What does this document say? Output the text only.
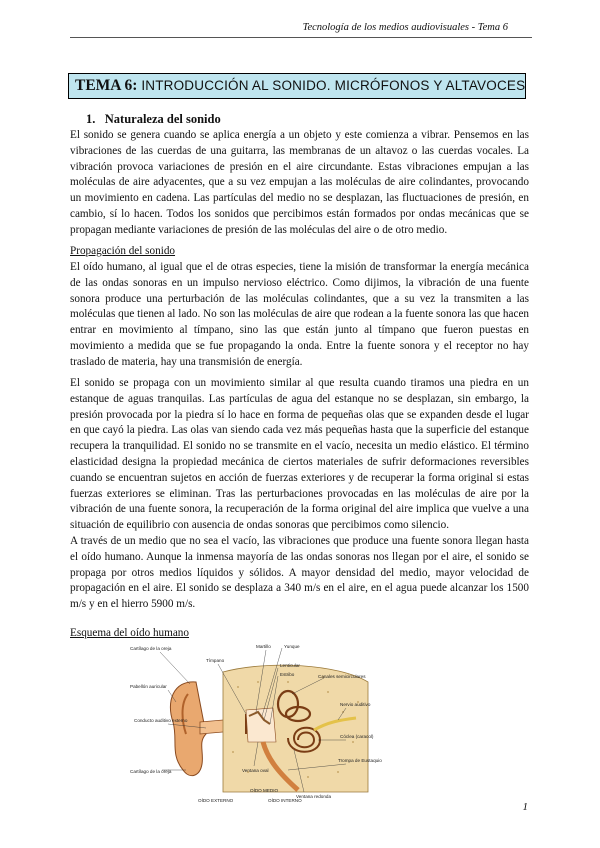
Tecnología de los medios audiovisuales - Tema 6
TEMA 6: INTRODUCCIÓN AL SONIDO. MICRÓFONOS Y ALTAVOCES
1.   Naturaleza del sonido

El sonido se genera cuando se aplica energía a un objeto y este comienza a vibrar. Pensemos en las vibraciones de las cuerdas de una guitarra, las membranas de un altavoz o las cuerdas vocales. La vibración provoca variaciones de presión en el aire circundante. Estas vibraciones empujan a las moléculas de aire adyacentes, que a su vez empujan a las moléculas de aire colindantes, provocando un movimiento en cadena. Las partículas del medio no se desplazan, las fluctuaciones de presión, en cambio, sí lo hacen. Todos los sonidos que percibimos están formados por ondas mecánicas que se propagan mediante variaciones de presión de las moléculas del aire o de otro medio.

Propagación del sonido

El oído humano, al igual que el de otras especies, tiene la misión de transformar la energía mecánica de las ondas sonoras en un impulso nervioso eléctrico. Como dijimos, la vibración de una fuente sonora produce una perturbación de las moléculas colindantes, que a su vez la transmiten a las moléculas que tienen al lado. No son las moléculas de aire que rodean a la fuente sonora las que hacen entrar en movimiento al tímpano, sino las que están junto al tímpano que fueron puestas en movimiento a medida que se fue propagando la onda. Entre la fuente sonora y el receptor no hay traslado de materia, hay una transmisión de energía.

El sonido se propaga con un movimiento similar al que resulta cuando tiramos una piedra en un estanque de aguas tranquilas. Las partículas de agua del estanque no se desplazan, sin embargo, la presión provocada por la piedra sí lo hace en forma de pequeñas olas que se expanden desde el lugar en que cayó la piedra. Las olas van siendo cada vez más pequeñas hasta que la superficie del estanque recupera la tranquilidad. El sonido no se transmite en el vacío, necesita un medio elástico. El término elasticidad designa la propiedad mecánica de ciertos materiales de sufrir deformaciones reversibles cuando se encuentran sujetos en acción de fuerzas exteriores y de recuperar la forma original si estas fuerzas exteriores se eliminan. Tras las perturbaciones provocadas en las moléculas de aire por la vibración de una fuente sonora, la recuperación de la forma original del aire implica que vuelve a una situación de equilibrio con ausencia de ondas sonoras que percibimos como silencio.

A través de un medio que no sea el vacío, las vibraciones que produce una fuente sonora llegan hasta el oído humano. Aunque la inmensa mayoría de las ondas sonoras nos llegan por el aire, el sonido se propaga por otros medios líquidos y sólidos. A mayor densidad del medio, mayor velocidad de propagación en el aire. El sonido se desplaza a 340 m/s en el aire, en el agua puede alcanzar los 1500 m/s y en el hierro 5900 m/s.

Esquema del oído humano
Cartílago de la oreja
Pabellón auricular
Conducto auditivo externo
Cartílago de la oreja
Tímpano
Martillo	Yunque
Lenticular
Estribo	Canales semicirculares
Nervio auditivo
Cóclea (caracol)
Trompa de Eustaquio
Ventana oval
Ventana redonda
OÍDO EXTERNO
OÍDO MEDIO
OÍDO INTERNO
1
